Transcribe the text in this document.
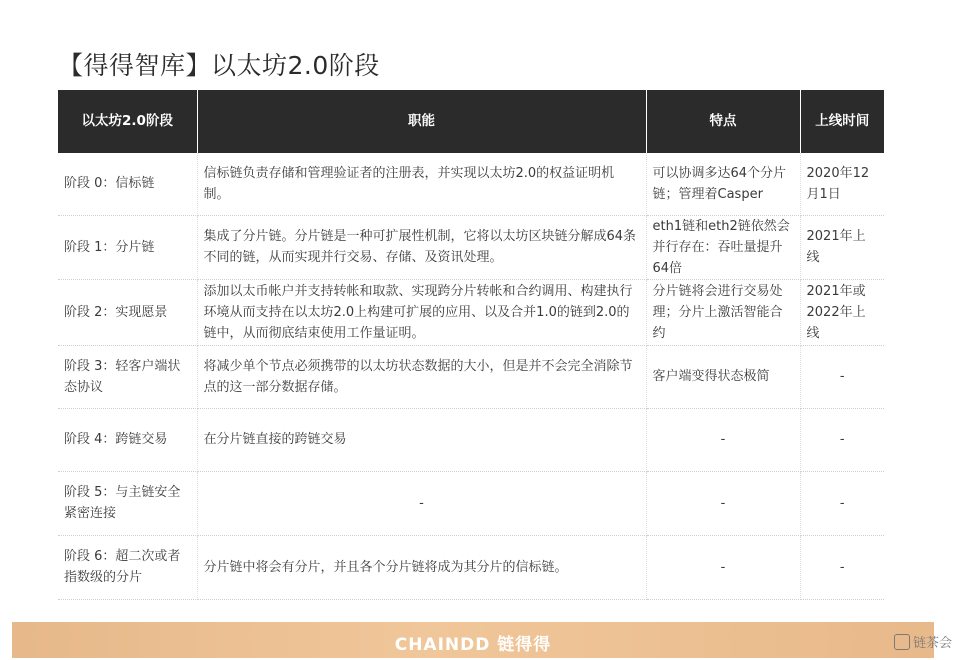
【得得智库】以太坊2.0阶段
以太坊2.0阶段	职能	特点	上线时间
阶段 0：信标链	信标链负责存储和管理验证者的注册表，并实现以太坊2.0的权益证明机制。	可以协调多达64个分片链；管理着Casper	2020年12月1日
阶段 1：分片链	集成了分片链。分片链是一种可扩展性机制，它将以太坊区块链分解成64条不同的链，从而实现并行交易、存储、及资讯处理。	eth1链和eth2链依然会并行存在：吞吐量提升64倍	2021年上线
阶段 2：实现愿景	添加以太币帐户并支持转帐和取款、实现跨分片转帐和合约调用、构建执行环境从而支持在以太坊2.0上构建可扩展的应用、以及合并1.0的链到2.0的链中，从而彻底结束使用工作量证明。	分片链将会进行交易处理；分片上激活智能合约	2021年或2022年上线
阶段 3：轻客户端状态协议	将减少单个节点必须携带的以太坊状态数据的大小，但是并不会完全消除节点的这一部分数据存储。	客户端变得状态极简	-
阶段 4：跨链交易	在分片链直接的跨链交易	-	-
阶段 5：与主链安全紧密连接	-	-	-
阶段 6：超二次或者指数级的分片	分片链中将会有分片，并且各个分片链将成为其分片的信标链。	-	-
CHAINDD 链得得	链茶会
